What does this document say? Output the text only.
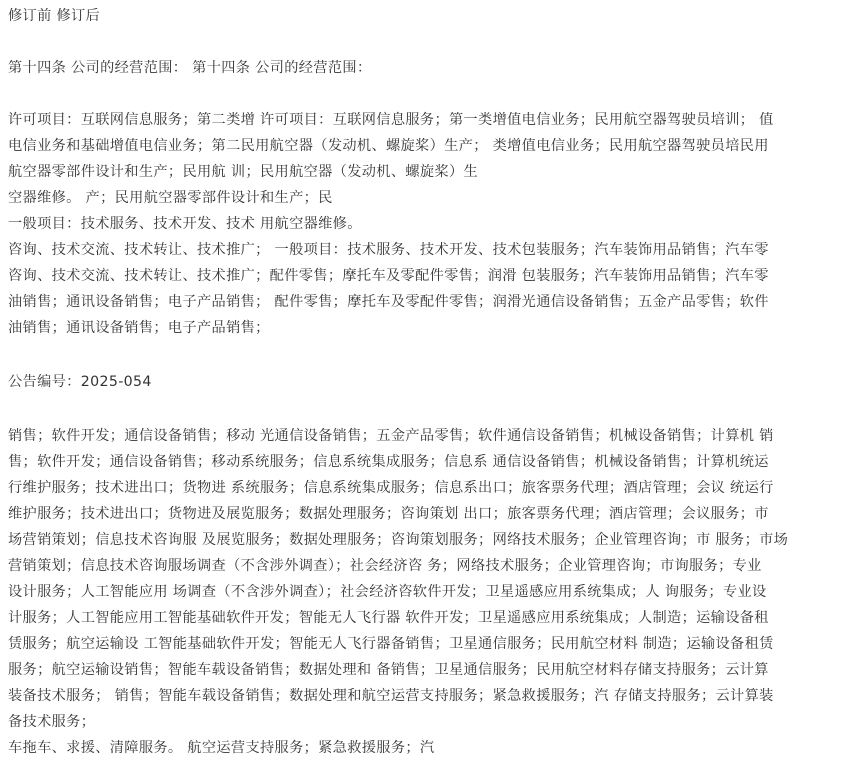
修订前 修订后
第十四条 公司的经营范围： 第十四条 公司的经营范围：
许可项目：互联网信息服务；第二类增 许可项目：互联网信息服务；第一类增值电信业务；民用航空器驾驶员培训； 值
电信业务和基础增值电信业务；第二民用航空器（发动机、螺旋桨）生产； 类增值电信业务；民用航空器驾驶员培民用
航空器零部件设计和生产；民用航 训；民用航空器（发动机、螺旋桨）生
空器维修。 产；民用航空器零部件设计和生产；民
一般项目：技术服务、技术开发、技术 用航空器维修。
咨询、技术交流、技术转让、技术推广； 一般项目：技术服务、技术开发、技术包装服务；汽车装饰用品销售；汽车零
咨询、技术交流、技术转让、技术推广；配件零售；摩托车及零配件零售；润滑 包装服务；汽车装饰用品销售；汽车零
油销售；通讯设备销售；电子产品销售； 配件零售；摩托车及零配件零售；润滑光通信设备销售；五金产品零售；软件
油销售；通讯设备销售；电子产品销售；
公告编号：2025-054
销售；软件开发；通信设备销售；移动 光通信设备销售；五金产品零售；软件通信设备销售；机械设备销售；计算机 销
售；软件开发；通信设备销售；移动系统服务；信息系统集成服务；信息系 通信设备销售；机械设备销售；计算机统运
行维护服务；技术进出口；货物进 系统服务；信息系统集成服务；信息系出口；旅客票务代理；酒店管理；会议 统运行
维护服务；技术进出口；货物进及展览服务；数据处理服务；咨询策划 出口；旅客票务代理；酒店管理；会议服务；市
场营销策划；信息技术咨询服 及展览服务；数据处理服务；咨询策划服务；网络技术服务；企业管理咨询；市 服务；市场
营销策划；信息技术咨询服场调查（不含涉外调查）；社会经济咨 务；网络技术服务；企业管理咨询；市询服务；专业
设计服务；人工智能应用 场调查（不含涉外调查）；社会经济咨软件开发；卫星遥感应用系统集成；人 询服务；专业设
计服务；人工智能应用工智能基础软件开发；智能无人飞行器 软件开发；卫星遥感应用系统集成；人制造；运输设备租
赁服务；航空运输设 工智能基础软件开发；智能无人飞行器备销售；卫星通信服务；民用航空材料 制造；运输设备租赁
服务；航空运输设销售；智能车载设备销售；数据处理和 备销售；卫星通信服务；民用航空材料存储支持服务；云计算
装备技术服务； 销售；智能车载设备销售；数据处理和航空运营支持服务；紧急救援服务；汽 存储支持服务；云计算装
备技术服务；
车拖车、求援、清障服务。 航空运营支持服务；紧急救援服务；汽
